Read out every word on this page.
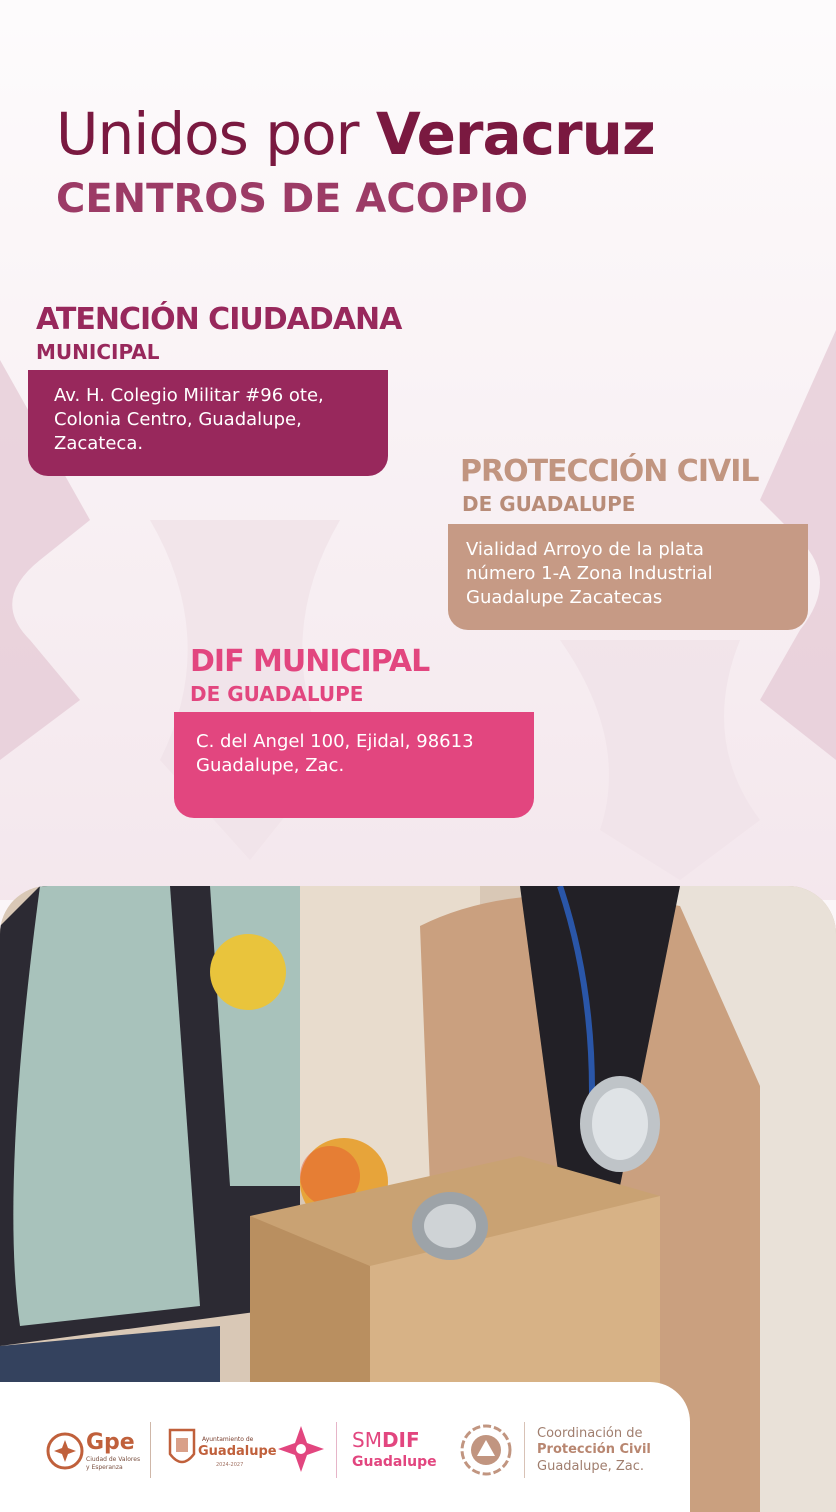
Unidos por Veracruz
CENTROS DE ACOPIO
ATENCIÓN CIUDADANA
MUNICIPAL
Av. H. Colegio Militar #96 ote,
Colonia Centro, Guadalupe,
Zacateca.
PROTECCIÓN CIVIL
DE GUADALUPE
Vialidad Arroyo de la plata
número 1-A Zona Industrial
Guadalupe Zacatecas
DIF MUNICIPAL
DE GUADALUPE
C. del Angel 100, Ejidal, 98613
Guadalupe, Zac.
Gpe
Ciudad de Valores
y Esperanza
Ayuntamiento de
Guadalupe
2024-2027
SMDIF
Guadalupe
Coordinación de
Protección Civil
Guadalupe, Zac.
